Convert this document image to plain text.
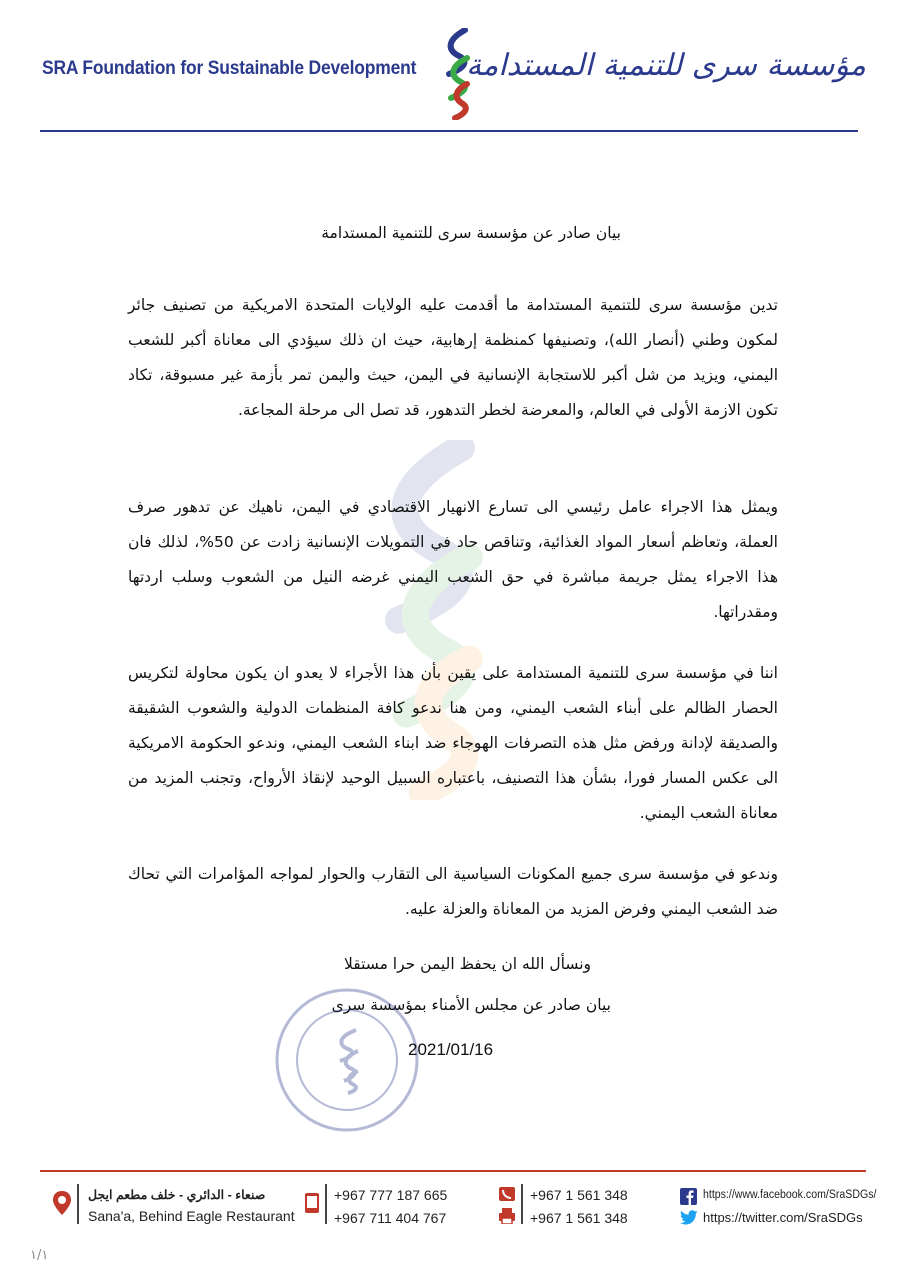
SRA Foundation for Sustainable Development مؤسسة سرى للتنمية المستدامة
بيان صادر عن مؤسسة سرى للتنمية المستدامة

تدين مؤسسة سرى للتنمية المستدامة ما أقدمت عليه الولايات المتحدة الامريكية من تصنيف جائر لمكون وطني (أنصار الله)، وتصنيفها كمنظمة إرهابية، حيث ان ذلك سيؤدي الى معاناة أكبر للشعب اليمني، ويزيد من شل أكبر للاستجابة الإنسانية في اليمن، حيث واليمن تمر بأزمة غير مسبوقة، تكاد تكون الازمة الأولى في العالم، والمعرضة لخطر التدهور، قد تصل الى مرحلة المجاعة.

ويمثل هذا الاجراء عامل رئيسي الى تسارع الانهيار الاقتصادي في اليمن، ناهيك عن تدهور صرف العملة، وتعاظم أسعار المواد الغذائية، وتناقص حاد في التمويلات الإنسانية زادت عن 50%، لذلك فان هذا الاجراء يمثل جريمة مباشرة في حق الشعب اليمني غرضه النيل من الشعوب وسلب اردتها ومقدراتها.

اننا في مؤسسة سرى للتنمية المستدامة على يقين بأن هذا الأجراء لا يعدو ان يكون محاولة لتكريس الحصار الظالم على أبناء الشعب اليمني، ومن هنا ندعو كافة المنظمات الدولية والشعوب الشقيقة والصديقة لإدانة ورفض مثل هذه التصرفات الهوجاء ضد ابناء الشعب اليمني، وندعو الحكومة الامريكية الى عكس المسار فورا، بشأن هذا التصنيف، باعتباره السبيل الوحيد لإنقاذ الأرواح، وتجنب المزيد من معاناة الشعب اليمني.

وندعو في مؤسسة سرى جميع المكونات السياسية الى التقارب والحوار لمواجه المؤامرات التي تحاك ضد الشعب اليمني وفرض المزيد من المعاناة والعزلة عليه.

ونسأل الله ان يحفظ اليمن حرا مستقلا
بيان صادر عن مجلس الأمناء بمؤسسة سرى
2021/01/16
صنعاء - الدائري - خلف مطعم ايجل
Sana'a, Behind Eagle Restaurant
+967 777 187 665
+967 711 404 767
+967 1 561 348
+967 1 561 348
https://www.facebook.com/SraSDGs/
https://twitter.com/SraSDGs
١/١
